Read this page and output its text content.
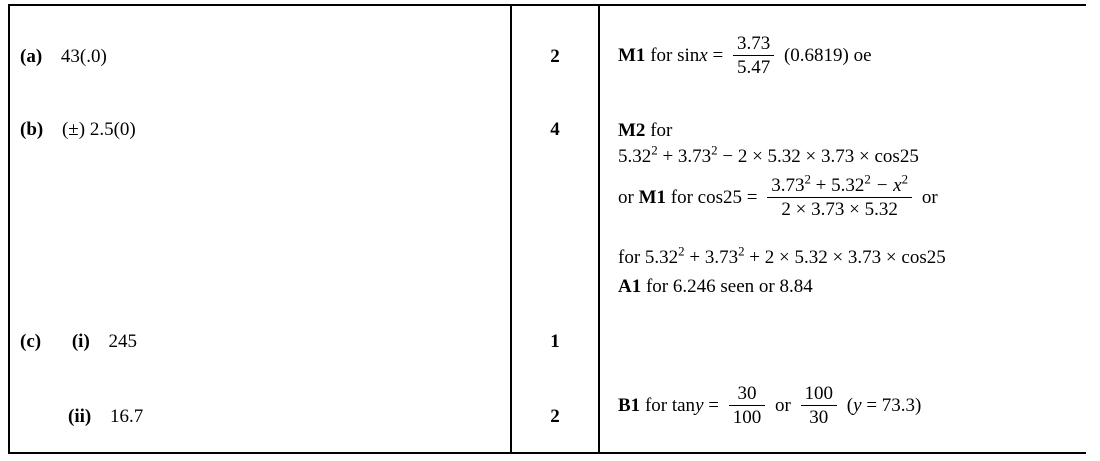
(a) 43(.0)
(b) (±) 2.5(0)
(c) (i) 245
(ii) 16.7
2
4
1
2
M1 for $\sin x = \frac{3.73}{5.47} (0.6819)$ oe
M2 for
$5.32^2 + 3.73^2 - 2 \times 5.32 \times 3.73 \times \cos 25$
or M1 for $\cos 25 = \frac{3.73^2 + 5.32^2 - x^2}{2 \times 3.73 \times 5.32}$ or
for $5.32^2 + 3.73^2 + 2 \times 5.32 \times 3.73 \times \cos 25$
A1 for 6.246 seen or 8.84
B1 for $\tan y = \frac{30}{100}$ or $\frac{100}{30} (y = 73.3)$
